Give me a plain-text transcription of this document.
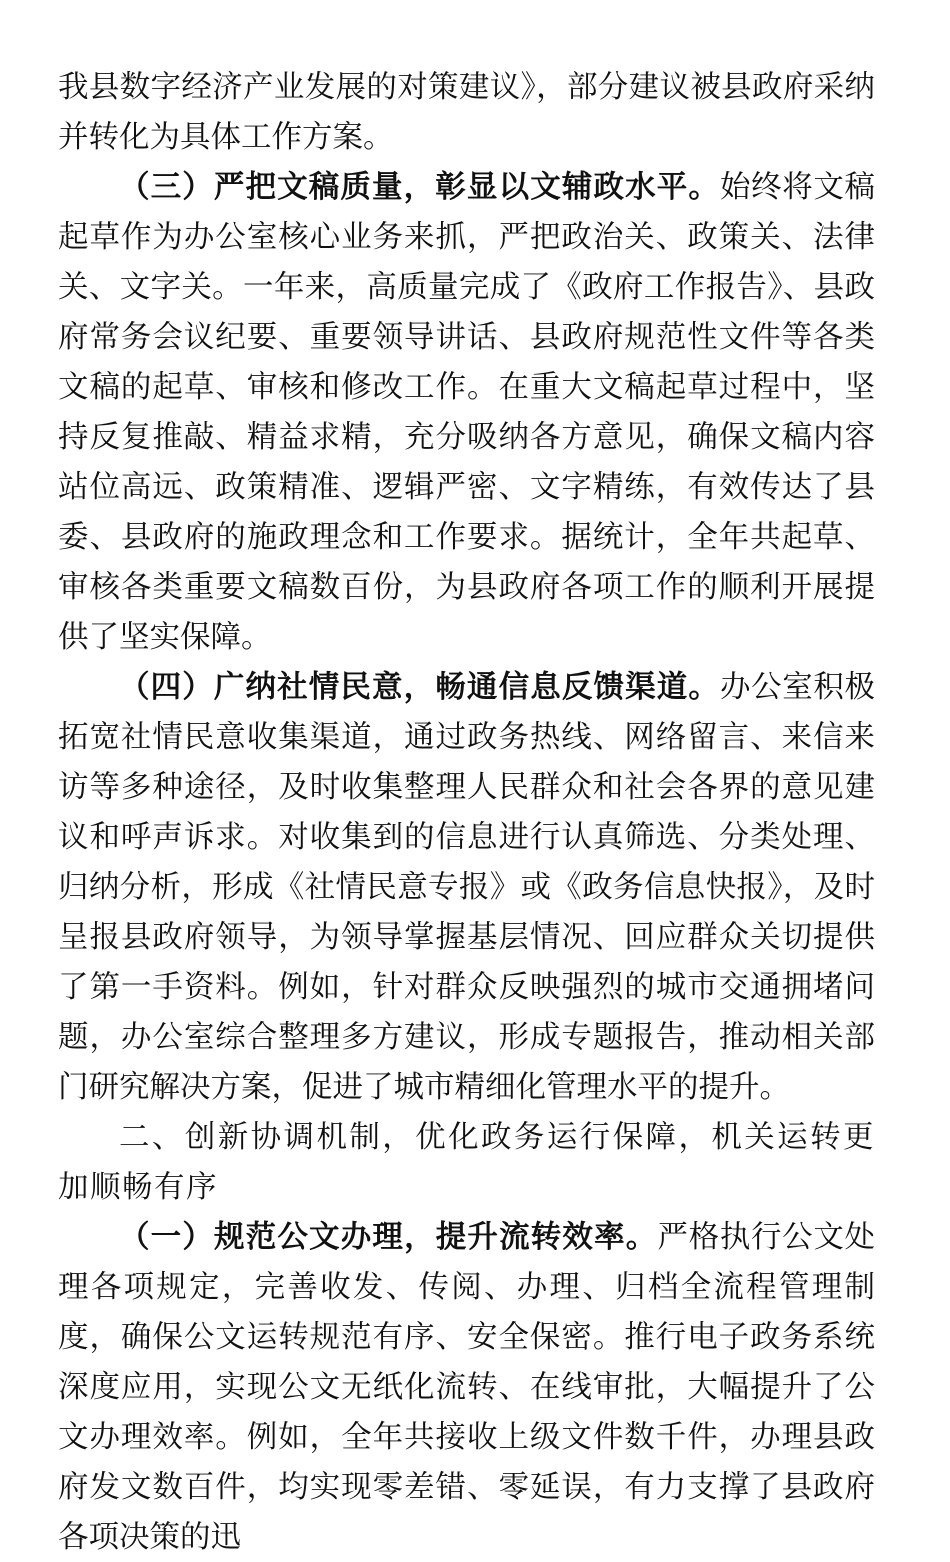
我县数字经济产业发展的对策建议》，部分建议被县政府采纳并转化为具体工作方案。

（三）严把文稿质量，彰显以文辅政水平。始终将文稿起草作为办公室核心业务来抓，严把政治关、政策关、法律关、文字关。一年来，高质量完成了《政府工作报告》、县政府常务会议纪要、重要领导讲话、县政府规范性文件等各类文稿的起草、审核和修改工作。在重大文稿起草过程中，坚持反复推敲、精益求精，充分吸纳各方意见，确保文稿内容站位高远、政策精准、逻辑严密、文字精练，有效传达了县委、县政府的施政理念和工作要求。据统计，全年共起草、审核各类重要文稿数百份，为县政府各项工作的顺利开展提供了坚实保障。

（四）广纳社情民意，畅通信息反馈渠道。办公室积极拓宽社情民意收集渠道，通过政务热线、网络留言、来信来访等多种途径，及时收集整理人民群众和社会各界的意见建议和呼声诉求。对收集到的信息进行认真筛选、分类处理、归纳分析，形成《社情民意专报》或《政务信息快报》，及时呈报县政府领导，为领导掌握基层情况、回应群众关切提供了第一手资料。例如，针对群众反映强烈的城市交通拥堵问题，办公室综合整理多方建议，形成专题报告，推动相关部门研究解决方案，促进了城市精细化管理水平的提升。

二、创新协调机制，优化政务运行保障，机关运转更加顺畅有序

（一）规范公文办理，提升流转效率。严格执行公文处理各项规定，完善收发、传阅、办理、归档全流程管理制度，确保公文运转规范有序、安全保密。推行电子政务系统深度应用，实现公文无纸化流转、在线审批，大幅提升了公文办理效率。例如，全年共接收上级文件数千件，办理县政府发文数百件，均实现零差错、零延误，有力支撑了县政府各项决策的迅
